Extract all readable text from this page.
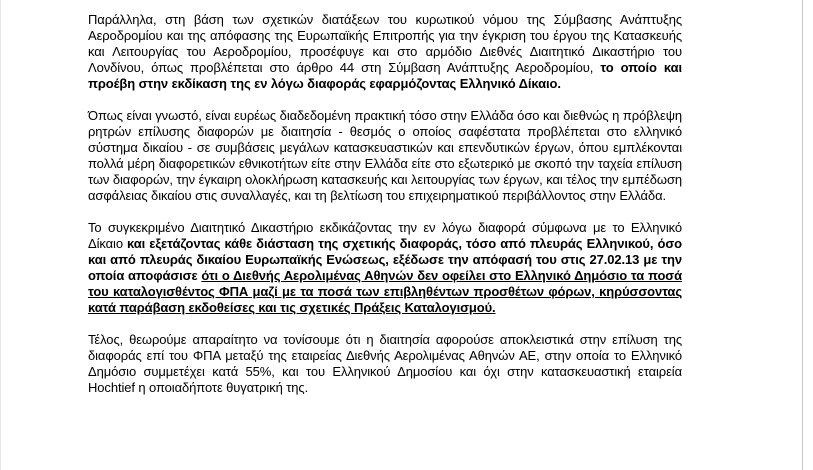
Παράλληλα, στη βάση των σχετικών διατάξεων του κυρωτικού νόμου της Σύμβασης Ανάπτυξης Αεροδρομίου και της απόφασης της Ευρωπαϊκής Επιτροπής για την έγκριση του έργου της Κατασκευής και Λειτουργίας του Αεροδρομίου, προσέφυγε και στο αρμόδιο Διεθνές Διαιτητικό Δικαστήριο του Λονδίνου, όπως προβλέπεται στο άρθρο 44 στη Σύμβαση Ανάπτυξης Αεροδρομίου, το οποίο και προέβη στην εκδίκαση της εν λόγω διαφοράς εφαρμόζοντας Ελληνικό Δίκαιο.

Όπως είναι γνωστό, είναι ευρέως διαδεδομένη πρακτική τόσο στην Ελλάδα όσο και διεθνώς η πρόβλεψη ρητρών επίλυσης διαφορών με διαιτησία - θεσμός ο οποίος σαφέστατα προβλέπεται στο ελληνικό σύστημα δικαίου - σε συμβάσεις μεγάλων κατασκευαστικών και επενδυτικών έργων, όπου εμπλέκονται πολλά μέρη διαφορετικών εθνικοτήτων είτε στην Ελλάδα είτε στο εξωτερικό με σκοπό την ταχεία επίλυση των διαφορών, την έγκαιρη ολοκλήρωση κατασκευής και λειτουργίας των έργων, και τέλος την εμπέδωση ασφάλειας δικαίου στις συναλλαγές, και τη βελτίωση του επιχειρηματικού περιβάλλοντος στην Ελλάδα.

Το συγκεκριμένο Διαιτητικό Δικαστήριο εκδικάζοντας την εν λόγω διαφορά σύμφωνα με το Ελληνικό Δίκαιο και εξετάζοντας κάθε διάσταση της σχετικής διαφοράς, τόσο από πλευράς Ελληνικού, όσο και από πλευράς δικαίου Ευρωπαϊκής Ενώσεως, εξέδωσε την απόφασή του στις 27.02.13 με την οποία αποφάσισε ότι ο Διεθνής Αερολιμένας Αθηνών δεν οφείλει στο Ελληνικό Δημόσιο τα ποσά του καταλογισθέντος ΦΠΑ μαζί με τα ποσά των επιβληθέντων προσθέτων φόρων, κηρύσσοντας κατά παράβαση εκδοθείσες και τις σχετικές Πράξεις Καταλογισμού.

Τέλος, θεωρούμε απαραίτητο να τονίσουμε ότι η διαιτησία αφορούσε αποκλειστικά στην επίλυση της διαφοράς επί του ΦΠΑ μεταξύ της εταιρείας Διεθνής Αερολιμένας Αθηνών ΑΕ, στην οποία το Ελληνικό Δημόσιο συμμετέχει κατά 55%, και του Ελληνικού Δημοσίου και όχι στην κατασκευαστική εταιρεία Hochtief η οποιαδήποτε θυγατρική της.
